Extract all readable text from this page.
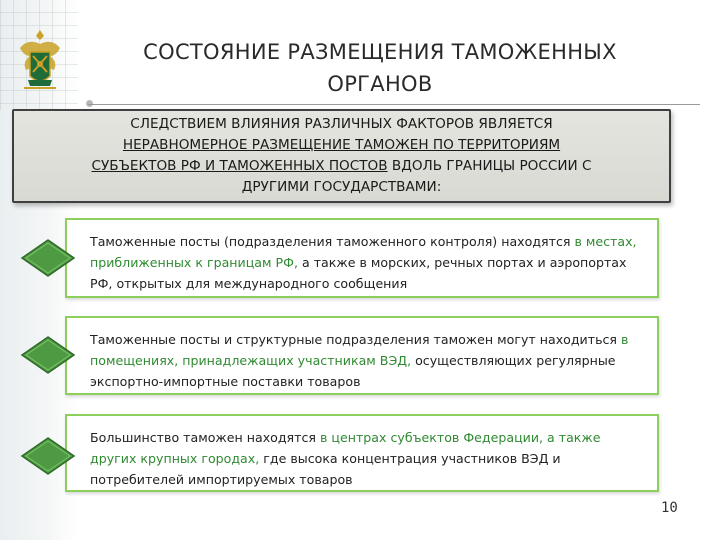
СОСТОЯНИЕ РАЗМЕЩЕНИЯ ТАМОЖЕННЫХ
ОРГАНОВ
СЛЕДСТВИЕМ ВЛИЯНИЯ РАЗЛИЧНЫХ ФАКТОРОВ ЯВЛЯЕТСЯ
НЕРАВНОМЕРНОЕ РАЗМЕЩЕНИЕ ТАМОЖЕН ПО ТЕРРИТОРИЯМ
СУБЪЕКТОВ РФ И ТАМОЖЕННЫХ ПОСТОВ ВДОЛЬ ГРАНИЦЫ РОССИИ С
ДРУГИМИ ГОСУДАРСТВАМИ:
Таможенные посты (подразделения таможенного контроля) находятся в местах, приближенных к границам РФ, а также в морских, речных портах и аэропортах РФ, открытых для международного сообщения
Таможенные посты и структурные подразделения таможен могут находиться в помещениях, принадлежащих участникам ВЭД, осуществляющих регулярные экспортно-импортные поставки товаров
Большинство таможен находятся в центрах субъектов Федерации, а также других крупных городах, где высока концентрация участников ВЭД и потребителей импортируемых товаров
10
